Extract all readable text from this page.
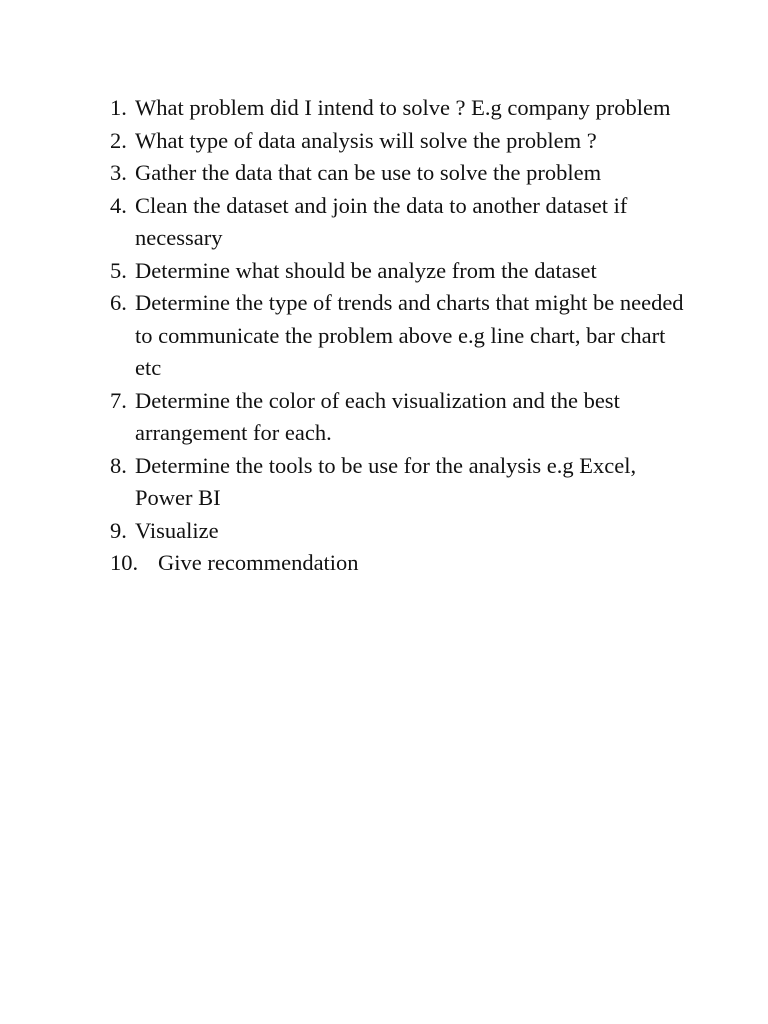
1. What problem did I intend to solve ? E.g company problem
2. What type of data analysis will solve the problem ?
3. Gather the data that can be use to solve the problem
4. Clean the dataset and join the data to another dataset if necessary
5. Determine what should be analyze from the dataset
6. Determine the type of trends and charts that might be needed to communicate the problem above e.g line chart, bar chart etc
7. Determine the color of each visualization and the best arrangement for each.
8. Determine the tools to be use for the analysis e.g Excel, Power BI
9. Visualize
10. Give recommendation
